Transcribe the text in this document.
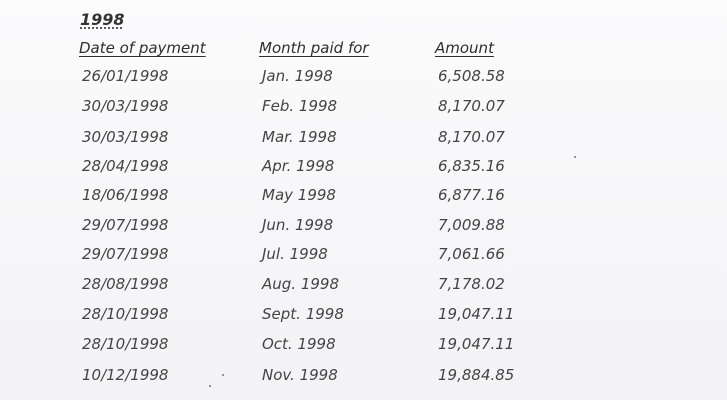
1998
Date of payment	Month paid for	Amount
26/01/1998	Jan. 1998	6,508.58
30/03/1998	Feb. 1998	8,170.07
30/03/1998	Mar. 1998	8,170.07
28/04/1998	Apr. 1998	6,835.16
18/06/1998	May 1998	6,877.16
29/07/1998	Jun. 1998	7,009.88
29/07/1998	Jul. 1998	7,061.66
28/08/1998	Aug. 1998	7,178.02
28/10/1998	Sept. 1998	19,047.11
28/10/1998	Oct. 1998	19,047.11
10/12/1998	Nov. 1998	19,884.85
